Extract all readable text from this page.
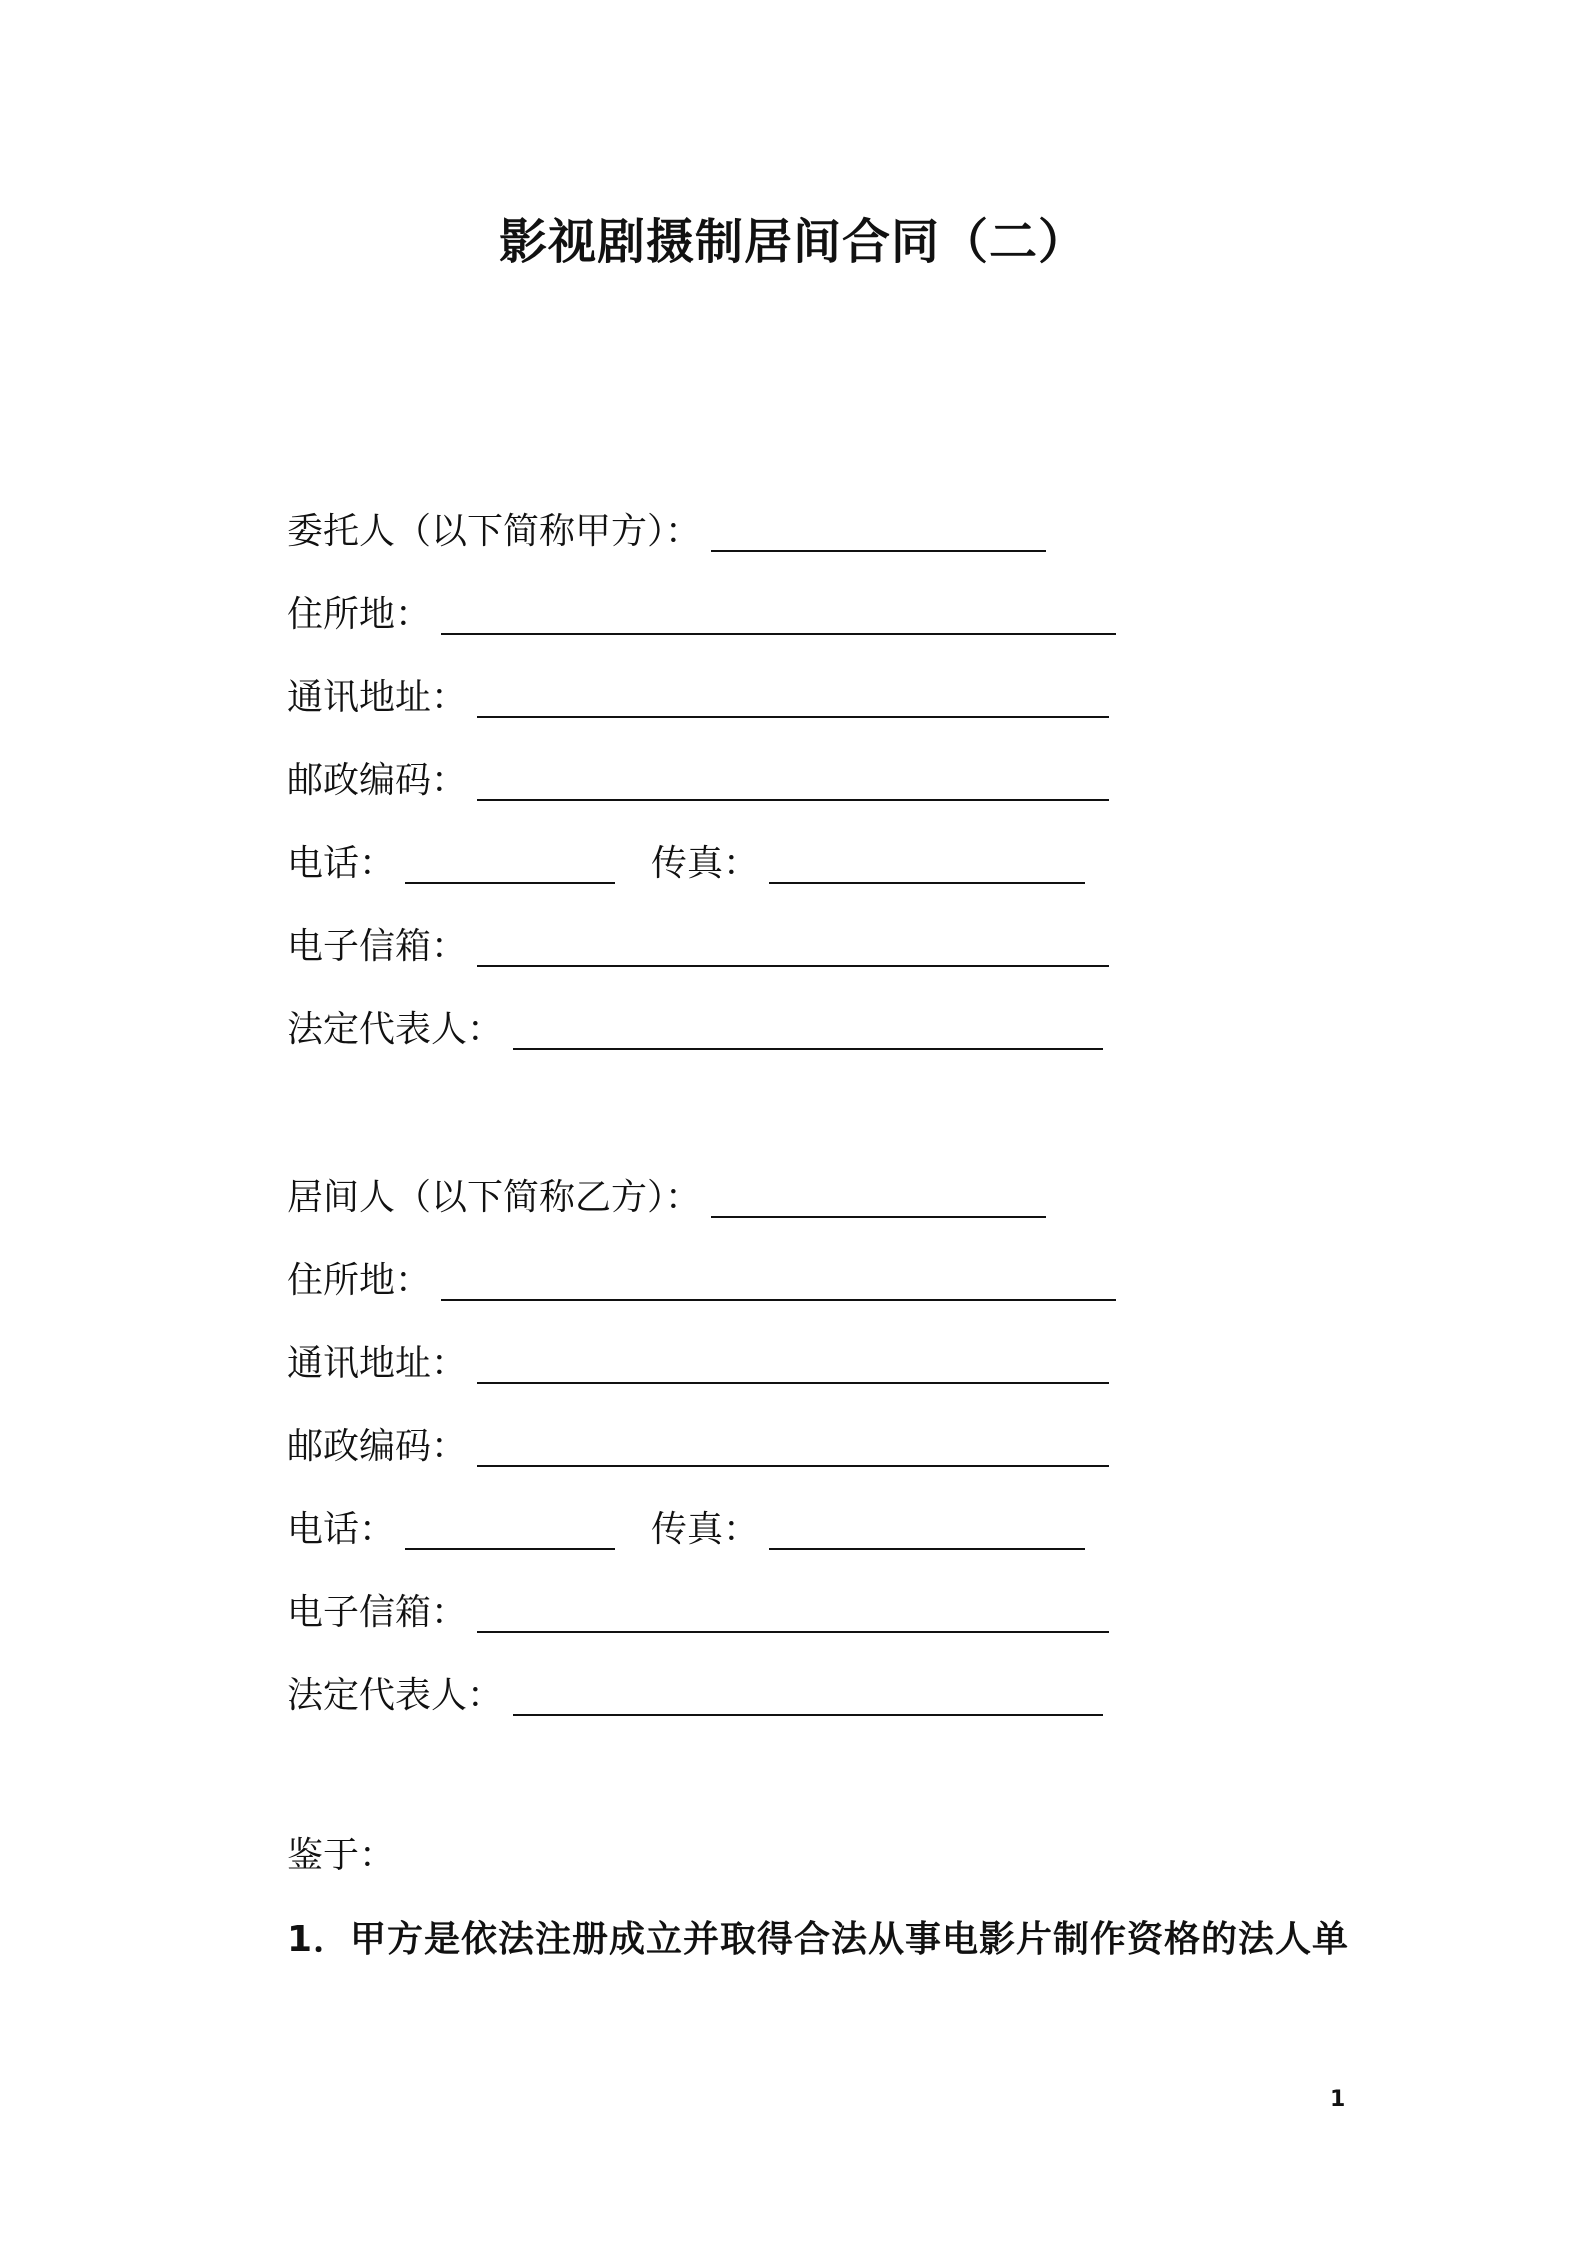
影视剧摄制居间合同（二）
委托人（以下简称甲方）：
住所地：
通讯地址：
邮政编码：
电话：	传真：
电子信箱：
法定代表人：
居间人（以下简称乙方）：
住所地：
通讯地址：
邮政编码：
电话：	传真：
电子信箱：
法定代表人：
鉴于：
1．甲方是依法注册成立并取得合法从事电影片制作资格的法人单
1
